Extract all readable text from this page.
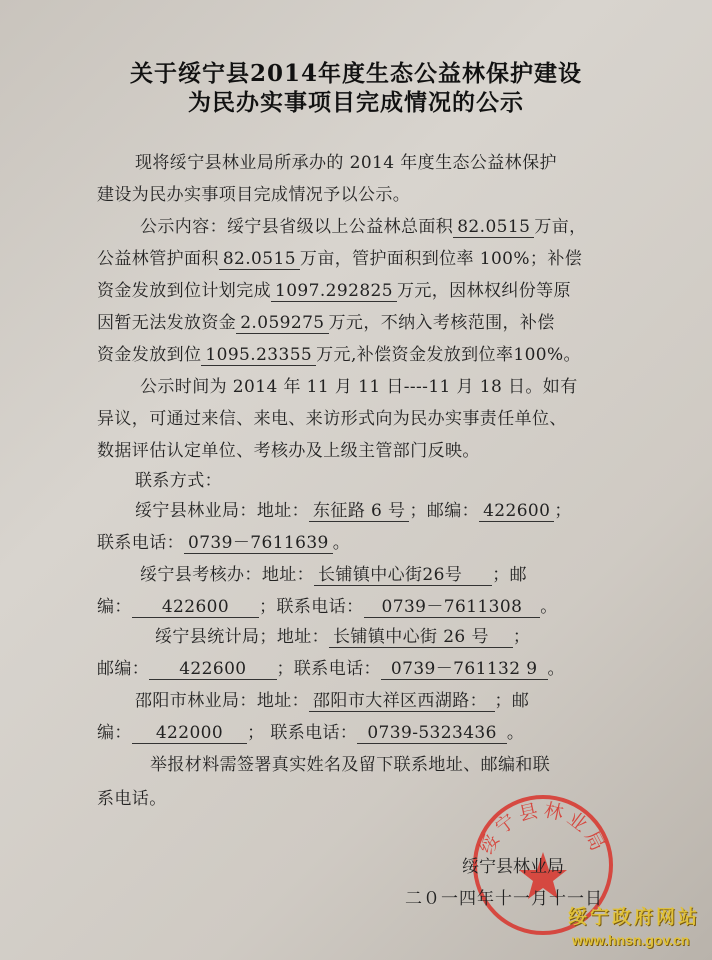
关于绥宁县2014年度生态公益林保护建设
为民办实事项目完成情况的公示
现将绥宁县林业局所承办的 2014 年度生态公益林保护
建设为民办实事项目完成情况予以公示。
公示内容：绥宁县省级以上公益林总面积 82.0515 万亩，
公益林管护面积 82.0515 万亩，管护面积到位率 100%；补偿
资金发放到位计划完成 1097.292825 万元，因林权纠份等原
因暂无法发放资金 2.059275 万元，不纳入考核范围，补偿
资金发放到位 1095.23355 万元,补偿资金发放到位率100%。
公示时间为 2014 年 11 月 11 日----11 月 18 日。如有
异议，可通过来信、来电、来访形式向为民办实事责任单位、
数据评估认定单位、考核办及上级主管部门反映。
联系方式：
绥宁县林业局：地址： 东征路 6 号 ；邮编： 422600 ；
联系电话： 0739－7611639 。
绥宁县考核办：地址： 长铺镇中心街26号 ；邮
编： 422600 ；联系电话： 0739－7611308 。
绥宁县统计局；地址： 长铺镇中心街 26 号 ；
邮编： 422600 ；联系电话： 0739－761132 9 。
邵阳市林业局：地址： 邵阳市大祥区西湖路： ；邮
编： 422000 ； 联系电话： 0739-5323436 。
举报材料需签署真实姓名及留下联系地址、邮编和联
系电话。
绥宁县林业局
绥宁县林业局
二０一四年十一月十一日
绥宁政府网站
www.hnsn.gov.cn
